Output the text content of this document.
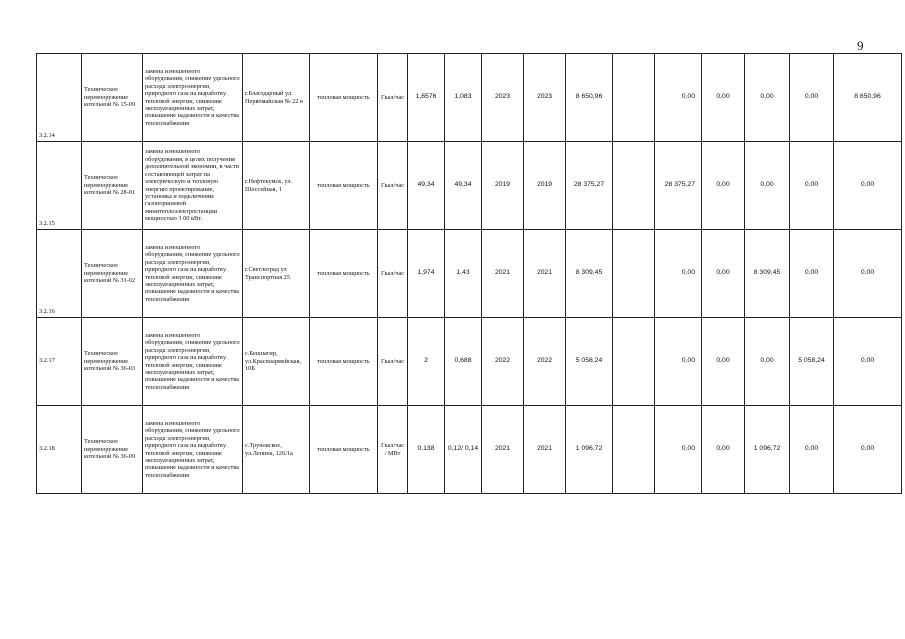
9
3.2.14	Техническое перевооружение котельной № 15-09	замена изношенного оборудования, снижение удельного расхода электроэнергии, природного газа на выработку тепловой энергии, снижение эксплуатационных затрат, повышение надежности и качества теплоснабжения	г.Благодарный ул. Первомайская № 22 в	тепловая мощность	Гкал/час	1,6576	1,083	2023	2023	8 650,96		0,00	0,00	0,00	0,00	8 650,96
3.2.15	Техническое перевооружение котельной № 28-01	замена изношенного оборудования, в целях получения дополнительной экономии, в части составляющей затрат на электрическую и тепловую энергию проектирование, установка и подключение газопоршневой минитеплоэлектростанции мощностью 3 00 кВт.	г.Нефтекумск, ул. Шоссейная, 1	тепловая мощность	Гкал/час	49,34	49,34	2019	2019	28 375,27		28 375,27	0,00	0,00	0,00	0,00
3.2.16	Техническое перевооружение котельной № 31-02	замена изношенного оборудования, снижение удельного расхода электроэнергии, природного газа на выработку тепловой энергии, снижение эксплуатационных затрат, повышение надежности и качества теплоснабжения	г.Светлоград ул Транспортная 25	тепловая мощность	Гкал/час	1,974	1,43	2021	2021	8 309,45		0,00	0,00	8 309,45	0,00	0,00
3.2.17	Техническое перевооружение котельной № 36-03	замена изношенного оборудования, снижение удельного расхода электроэнергии, природного газа на выработку тепловой энергии, снижение эксплуатационных затрат, повышение надежности и качества теплоснабжения	с.Бешпагир, ул.Красноармейская, 10Б	тепловая мощность	Гкал/час	2	0,688	2022	2022	5 058,24		0,00	0,00	0,00	5 058,24	0,00
3.2.18	Техническое перевооружение котельной № 36-09	замена изношенного оборудования, снижение удельного расхода электроэнергии, природного газа на выработку тепловой энергии, снижение эксплуатационных затрат, повышение надежности и качества теплоснабжения	с.Труновское, ул.Ленина, 126/1а	тепловая мощность	Гкал/час / МВт	0,138	0,12/ 0,14	2021	2021	1 096,72		0,00	0,00	1 096,72	0,00	0,00
